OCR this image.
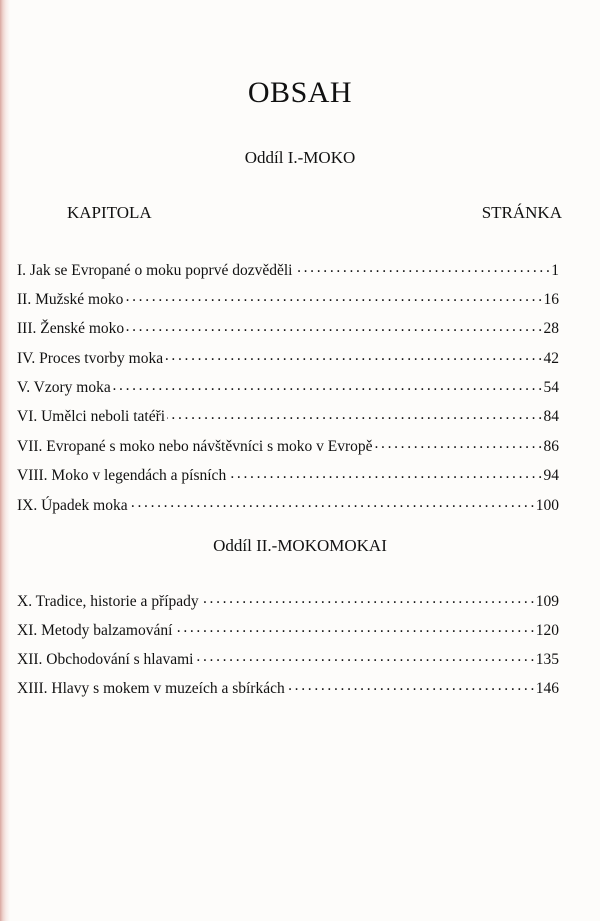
OBSAH
Oddíl I.-MOKO
KAPITOLA	STRÁNKA
I. Jak se Evropané o moku poprvé dozvěděli . . .	1
II. Mužské moko . . .	16
III. Ženské moko . . .	28
IV. Proces tvorby moka . . .	42
V. Vzory moka . . .	54
VI. Umělci neboli tatéři . . .	84
VII. Evropané s moko nebo návštěvníci s moko v Evropě . . .	86
VIII. Moko v legendách a písních . . .	94
IX. Úpadek moka . . .	100
Oddíl II.-MOKOMOKAI
X. Tradice, historie a případy . . .	109
XI. Metody balzamování . . .	120
XII. Obchodování s hlavami . . .	135
XIII. Hlavy s mokem v muzeích a sbírkách . . .	146
